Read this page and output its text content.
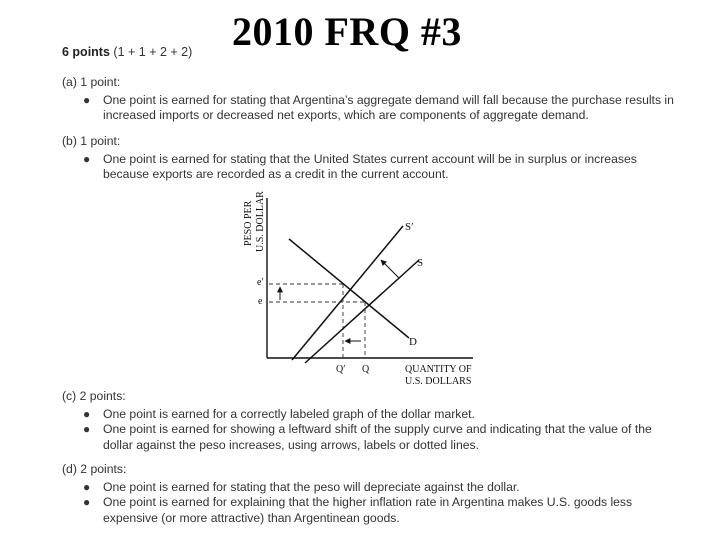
2010 FRQ #3
6 points (1 + 1 + 2 + 2)
(a) 1 point:
● One point is earned for stating that Argentina’s aggregate demand will fall because the purchase results in increased imports or decreased net exports, which are components of aggregate demand.
(b) 1 point:
● One point is earned for stating that the United States current account will be in surplus or increases because exports are recorded as a credit in the current account.
PESO PER U.S. DOLLAR	S′
S
D
e′
e
Q′ Q	QUANTITY OF
U.S. DOLLARS
(c) 2 points:
● One point is earned for a correctly labeled graph of the dollar market.
● One point is earned for showing a leftward shift of the supply curve and indicating that the value of the dollar against the peso increases, using arrows, labels or dotted lines.
(d) 2 points:
● One point is earned for stating that the peso will depreciate against the dollar.
● One point is earned for explaining that the higher inflation rate in Argentina makes U.S. goods less expensive (or more attractive) than Argentinean goods.
